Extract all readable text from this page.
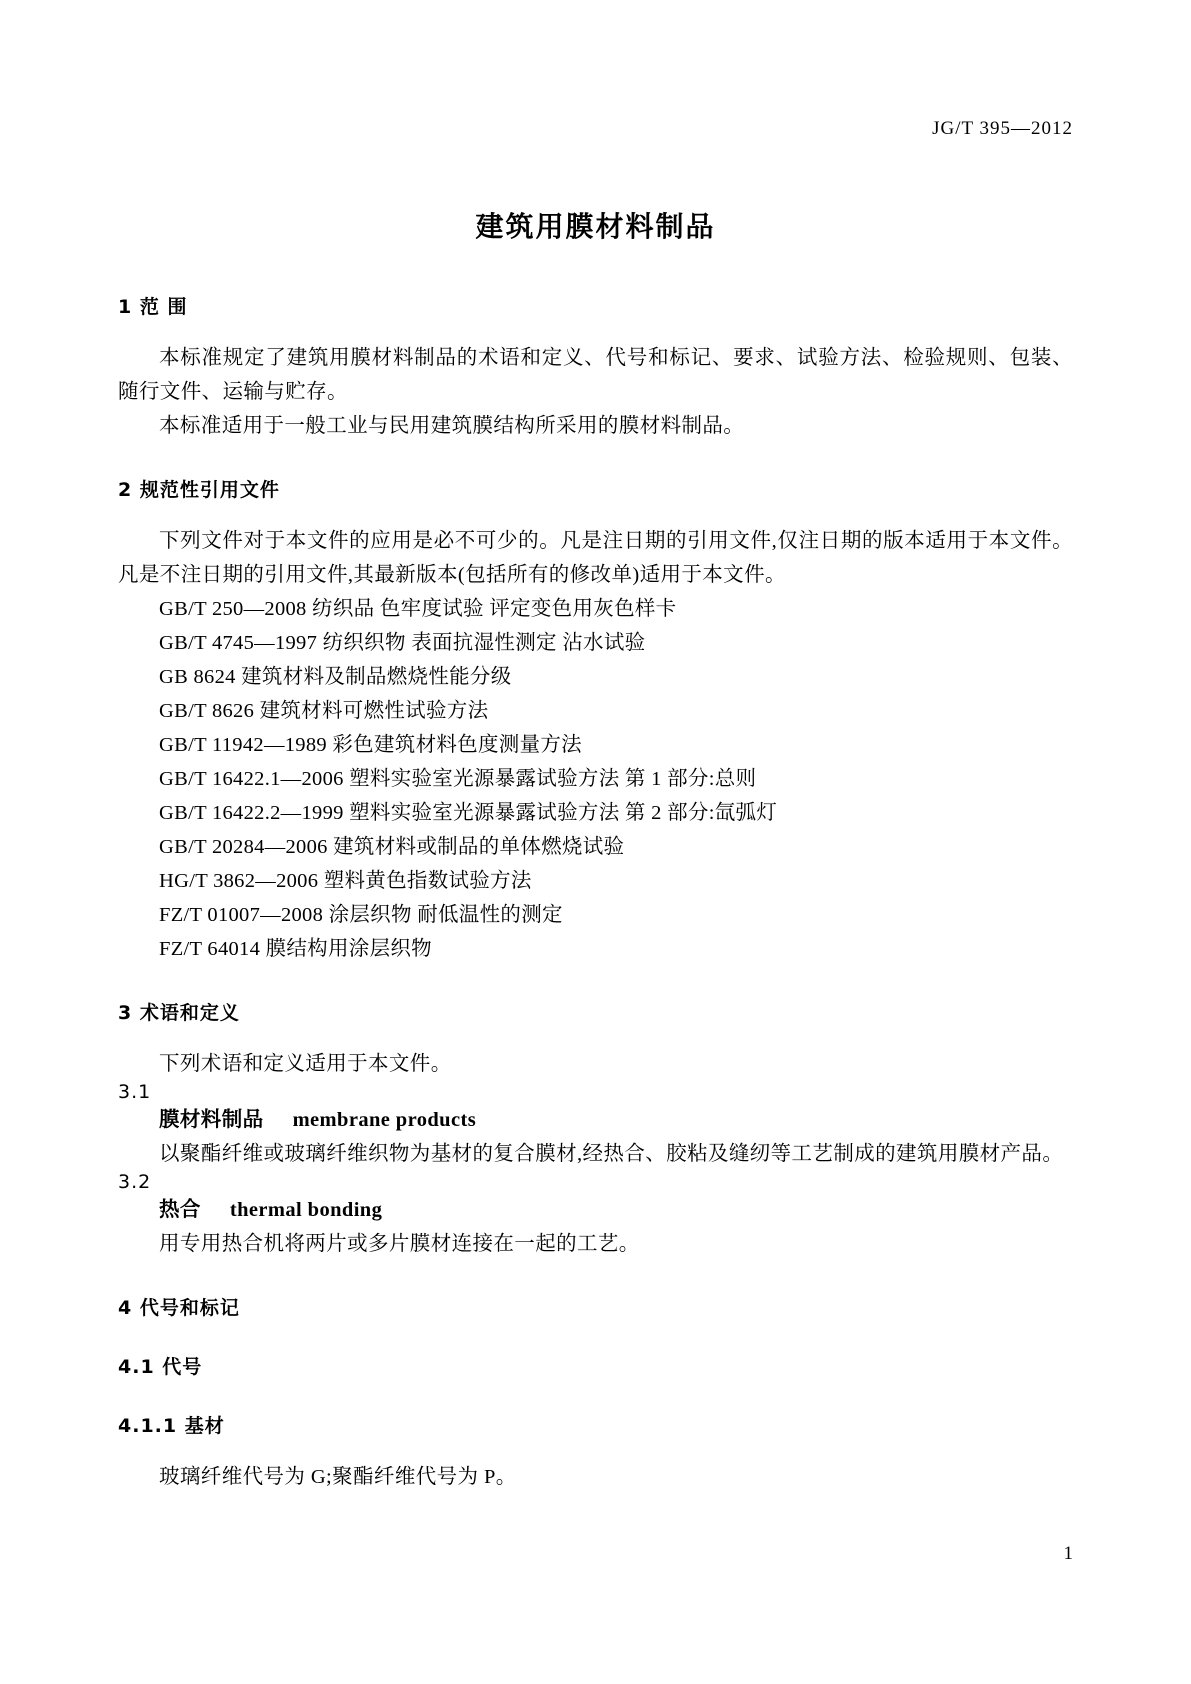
JG/T 395—2012
建筑用膜材料制品
1 范 围

本标准规定了建筑用膜材料制品的术语和定义、代号和标记、要求、试验方法、检验规则、包装、随行文件、运输与贮存。

本标准适用于一般工业与民用建筑膜结构所采用的膜材料制品。

2 规范性引用文件

下列文件对于本文件的应用是必不可少的。凡是注日期的引用文件,仅注日期的版本适用于本文件。凡是不注日期的引用文件,其最新版本(包括所有的修改单)适用于本文件。

GB/T 250—2008 纺织品 色牢度试验 评定变色用灰色样卡
GB/T 4745—1997 纺织织物 表面抗湿性测定 沾水试验
GB 8624 建筑材料及制品燃烧性能分级
GB/T 8626 建筑材料可燃性试验方法
GB/T 11942—1989 彩色建筑材料色度测量方法
GB/T 16422.1—2006 塑料实验室光源暴露试验方法 第 1 部分:总则
GB/T 16422.2—1999 塑料实验室光源暴露试验方法 第 2 部分:氙弧灯
GB/T 20284—2006 建筑材料或制品的单体燃烧试验
HG/T 3862—2006 塑料黄色指数试验方法
FZ/T 01007—2008 涂层织物 耐低温性的测定
FZ/T 64014 膜结构用涂层织物
3 术语和定义

下列术语和定义适用于本文件。

3.1
膜材料制品 membrane products

以聚酯纤维或玻璃纤维织物为基材的复合膜材,经热合、胶粘及缝纫等工艺制成的建筑用膜材产品。

3.2
热合 thermal bonding

用专用热合机将两片或多片膜材连接在一起的工艺。

4 代号和标记
4.1 代号
4.1.1 基材

玻璃纤维代号为 G;聚酯纤维代号为 P。

1
